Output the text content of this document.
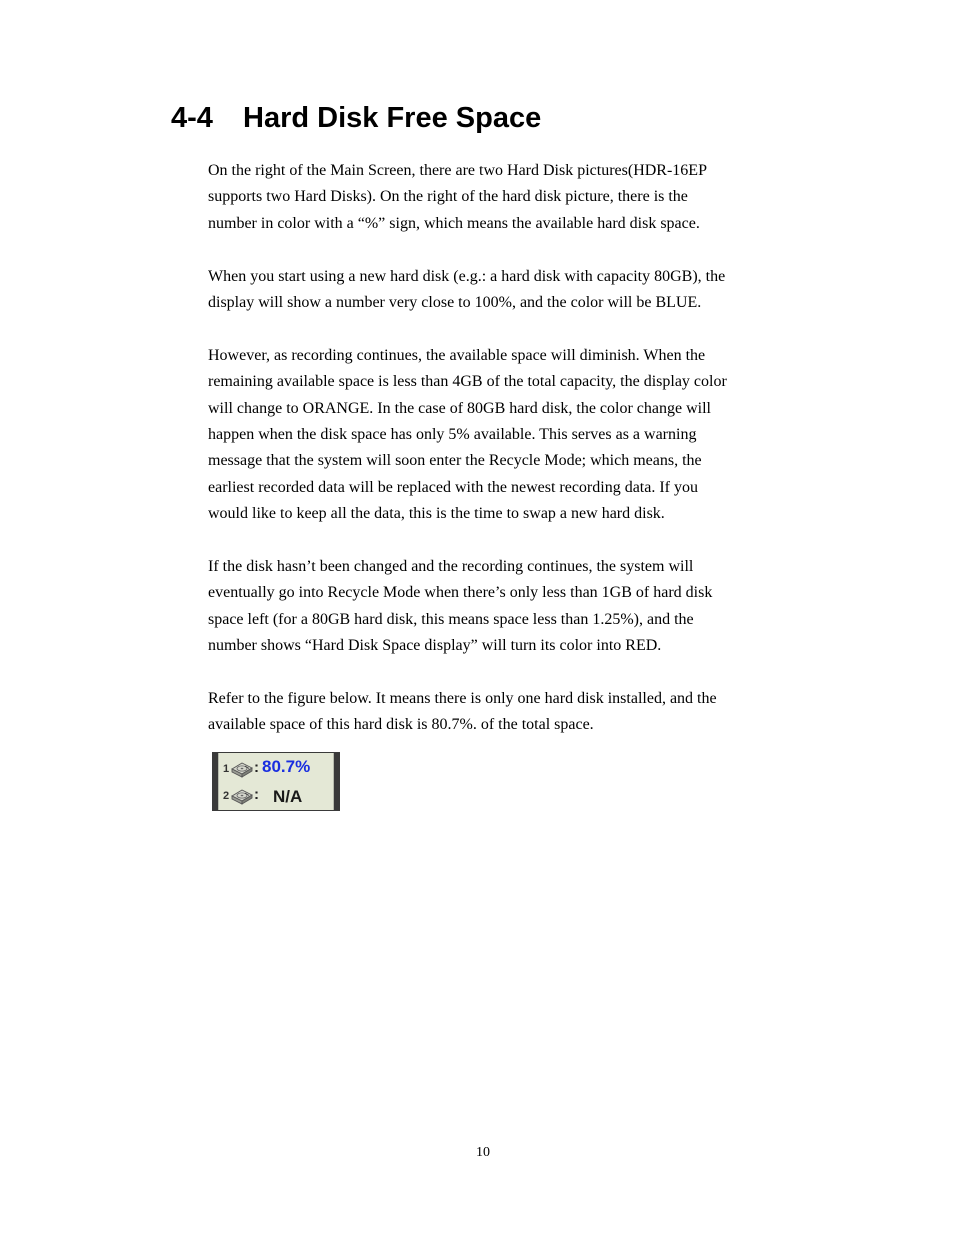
4-4 Hard Disk Free Space

On the right of the Main Screen, there are two Hard Disk pictures(HDR-16EP
supports two Hard Disks). On the right of the hard disk picture, there is the
number in color with a “%” sign, which means the available hard disk space.

When you start using a new hard disk (e.g.: a hard disk with capacity 80GB), the
display will show a number very close to 100%, and the color will be BLUE.

However, as recording continues, the available space will diminish. When the
remaining available space is less than 4GB of the total capacity, the display color
will change to ORANGE. In the case of 80GB hard disk, the color change will
happen when the disk space has only 5% available. This serves as a warning
message that the system will soon enter the Recycle Mode; which means, the
earliest recorded data will be replaced with the newest recording data. If you
would like to keep all the data, this is the time to swap a new hard disk.

If the disk hasn’t been changed and the recording continues, the system will
eventually go into Recycle Mode when there’s only less than 1GB of hard disk
space left (for a 80GB hard disk, this means space less than 1.25%), and the
number shows “Hard Disk Space display” will turn its color into RED.

Refer to the figure below. It means there is only one hard disk installed, and the
available space of this hard disk is 80.7%. of the total space.

1 : 80.7%
2 : N/A
10
